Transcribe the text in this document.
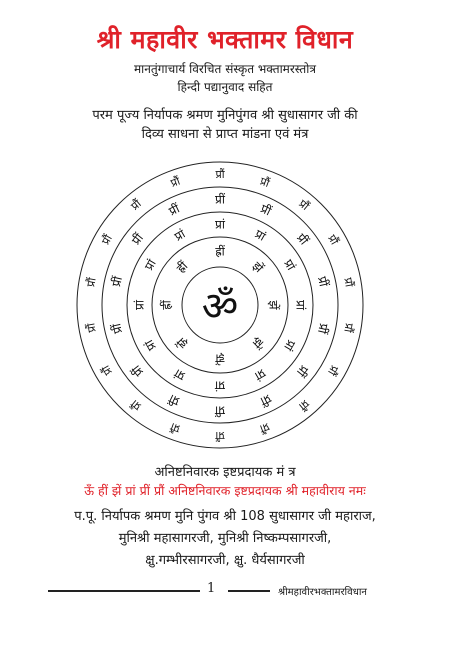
श्री महावीर भक्तामर विधान
मानतुंगाचार्य विरचित संस्कृत भक्तामरस्तोत्र
हिन्दी पद्यानुवाद सहित
परम पूज्य निर्यापक श्रमण मुनिपुंगव श्री सुधासागर जी की
दिव्य साधना से प्राप्त मांडना एवं मंत्र
ॐ
ह्रीं
झें
झें
झें
झें
झें
ह्रीं
ह्रीं
प्रां
प्रां
प्रां
प्रां
प्रां
प्रां
प्रां
प्रां
प्रां
प्रां
प्रां
प्रां
प्रीं
प्रीं
प्रीं
प्रीं
प्रीं
प्रीं
प्रीं
प्रीं
प्रीं
प्रीं
प्रीं
प्रीं
प्रीं
प्रीं
प्रौं
प्रौं
प्रौं
प्रौं
प्रौं
प्रौं
प्रौं
प्रौं
प्रौं
प्रौं
प्रौं
प्रौं
प्रौं
प्रौं
प्रौं
प्रौं
प्रौं
प्रौं
अनिष्टनिवारक इष्टप्रदायक मं त्र
ऊँ हीं झें प्रां प्रीं प्रौं अनिष्टनिवारक इष्टप्रदायक श्री महावीराय नमः
प.पू. निर्यापक श्रमण मुनि पुंगव श्री 108 सुधासागर जी महाराज,
मुनिश्री महासागरजी, मुनिश्री निष्कम्पसागरजी,
क्षु.गम्भीरसागरजी, क्षु. धैर्यसागरजी
1	श्रीमहावीरभक्तामरविधान
